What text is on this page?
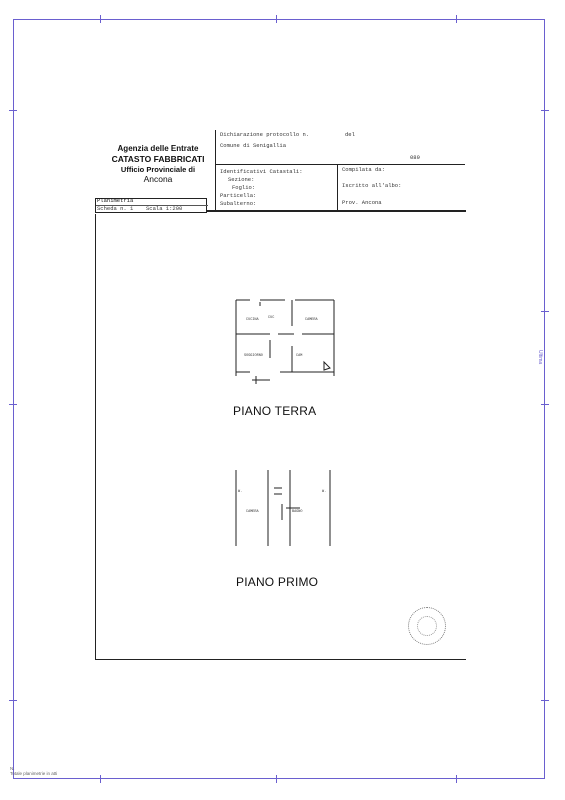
Agenzia delle Entrate
CATASTO FABBRICATI
Ufficio Provinciale di
Ancona
Dichiarazione protocollo n.	del
Comune di Senigallia
089
Identificativi Catastali:
Sezione:
Foglio:
Particella:
Subalterno:
Compilata da:
Iscritto all'albo:
Prov. Ancona
Planimetria
Scheda n. 1 Scala 1:200
CUCINA	CUC	CAMERA
SOGGIORNO	CAM
PIANO TERRA
CAMERA	BAGNO
W.
W.
PIANO PRIMO
Ultima
N.
Totale planimetrie in atti
